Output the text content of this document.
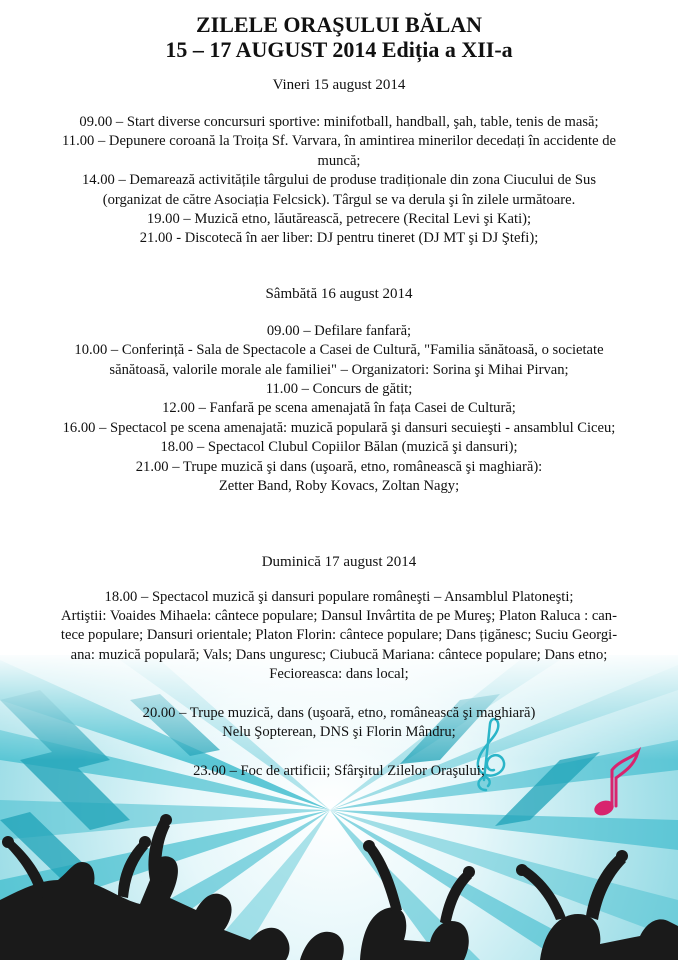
ZILELE ORAŞULUI BĂLAN
15 – 17 AUGUST 2014 Ediția a XII-a

Vineri 15 august 2014

09.00 – Start diverse concursuri sportive: minifotball, handball, şah, table, tenis de masă;

11.00 – Depunere coroană la Troița Sf. Varvara, în amintirea minerilor decedați în accidente de

muncă;

14.00 – Demarează activitățile târgului de produse tradiționale din zona Ciucului de Sus

(organizat de către Asociația Felcsick). Târgul se va derula şi în zilele următoare.

19.00 – Muzică etno, lăutărească, petrecere (Recital Levi şi Kati);

21.00 - Discotecă în aer liber: DJ pentru tineret (DJ MT şi DJ Ştefi);

Sâmbătă 16 august 2014

09.00 – Defilare fanfară;

10.00 – Conferință - Sala de Spectacole a Casei de Cultură, "Familia sănătoasă, o societate

sănătoasă, valorile morale ale familiei" – Organizatori: Sorina şi Mihai Pirvan;

11.00 – Concurs de gătit;

12.00 – Fanfară pe scena amenajată în fața Casei de Cultură;

16.00 – Spectacol pe scena amenajată: muzică populară şi dansuri secuieşti - ansamblul Ciceu;

18.00 – Spectacol Clubul Copiilor Bălan (muzică şi dansuri);

21.00 – Trupe muzică şi dans (uşoară, etno, românească şi maghiară):

Zetter Band, Roby Kovacs, Zoltan Nagy;

Duminică 17 august 2014

18.00 – Spectacol muzică şi dansuri populare româneşti – Ansamblul Platoneşti;

Artiştii: Voaides Mihaela: cântece populare; Dansul Invârtita de pe Mureş; Platon Raluca : can-

tece populare; Dansuri orientale; Platon Florin: cântece populare; Dans țigănesc; Suciu Georgi-

ana: muzică populară; Vals; Dans unguresc; Ciubucă Mariana: cântece populare; Dans etno;

Fecioreasca: dans local;

20.00 – Trupe muzică, dans (uşoară, etno, românească şi maghiară)

Nelu Şopterean, DNS şi Florin Mândru;

23.00 – Foc de artificii; Sfârşitul Zilelor Oraşului;
